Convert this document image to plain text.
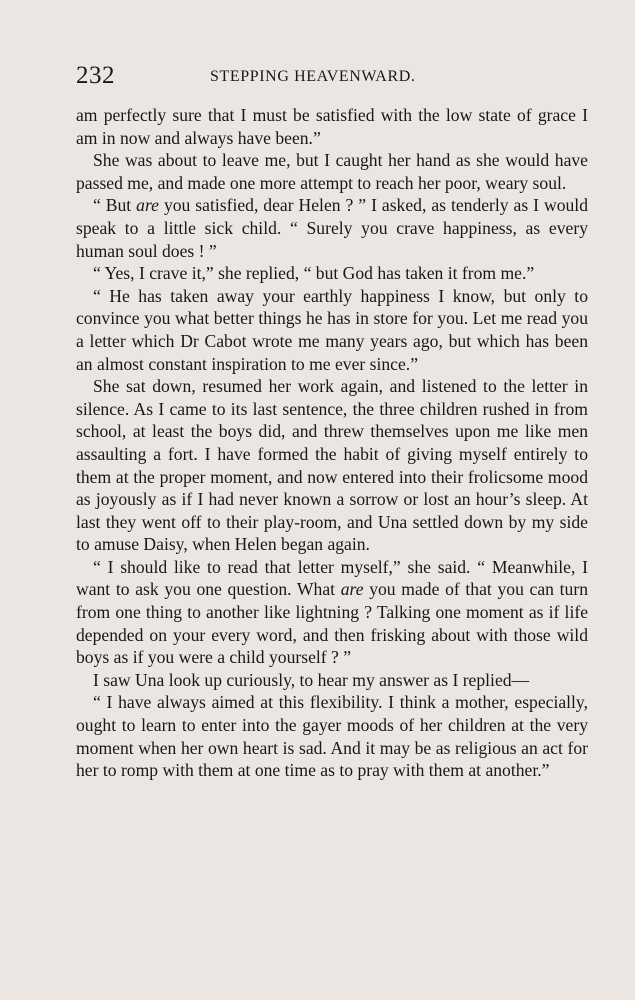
232	STEPPING HEAVENWARD.

am perfectly sure that I must be satisfied with the low state of grace I am in now and always have been.”

She was about to leave me, but I caught her hand as she would have passed me, and made one more attempt to reach her poor, weary soul.

“ But are you satisfied, dear Helen ? ” I asked, as tenderly as I would speak to a little sick child. “ Surely you crave happiness, as every human soul does ! ”

“ Yes, I crave it,” she replied, “ but God has taken it from me.”

“ He has taken away your earthly happiness I know, but only to convince you what better things he has in store for you. Let me read you a letter which Dr Cabot wrote me many years ago, but which has been an almost constant inspiration to me ever since.”

She sat down, resumed her work again, and listened to the letter in silence. As I came to its last sentence, the three children rushed in from school, at least the boys did, and threw themselves upon me like men assaulting a fort. I have formed the habit of giving myself entirely to them at the proper moment, and now entered into their frolicsome mood as joyously as if I had never known a sorrow or lost an hour’s sleep. At last they went off to their play-room, and Una settled down by my side to amuse Daisy, when Helen began again.

“ I should like to read that letter myself,” she said. “ Meanwhile, I want to ask you one question. What are you made of that you can turn from one thing to another like lightning ? Talking one moment as if life depended on your every word, and then frisking about with those wild boys as if you were a child yourself ? ”

I saw Una look up curiously, to hear my answer as I replied—

“ I have always aimed at this flexibility. I think a mother, especially, ought to learn to enter into the gayer moods of her children at the very moment when her own heart is sad. And it may be as religious an act for her to romp with them at one time as to pray with them at another.”
